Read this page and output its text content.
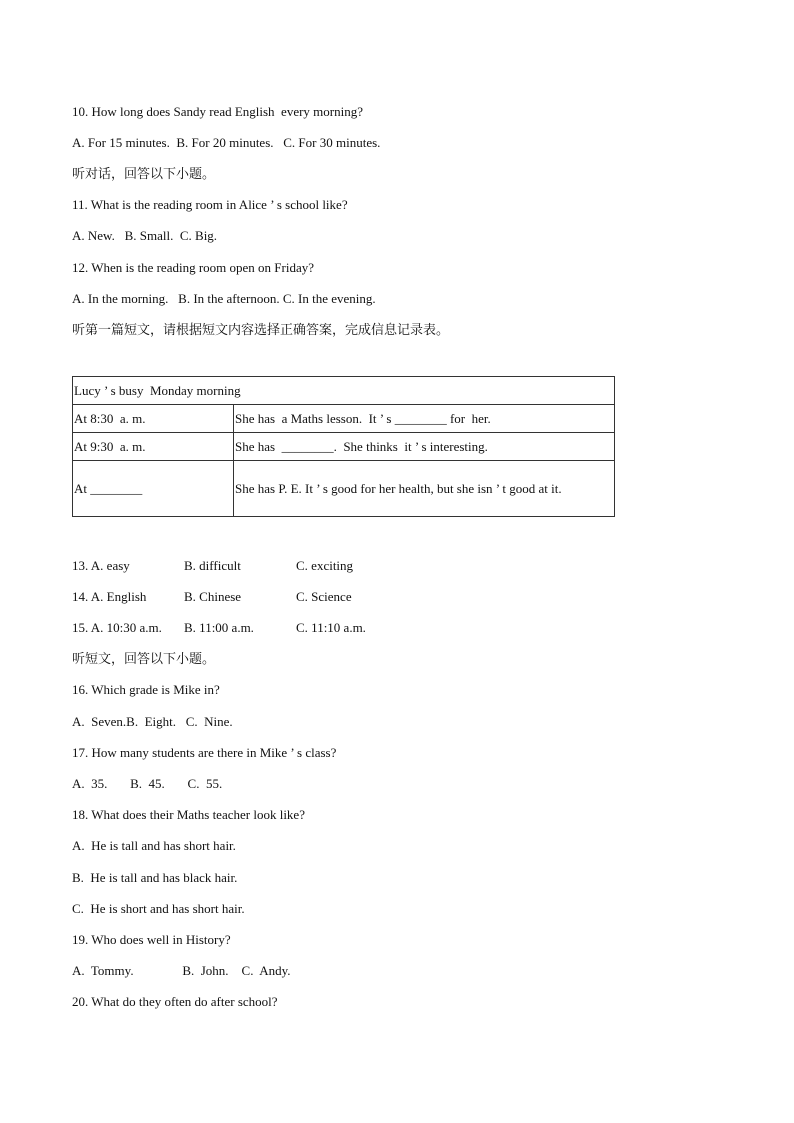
10. How long does Sandy read English  every morning?
A. For 15 minutes.  B. For 20 minutes.   C. For 30 minutes.
听对话，回答以下小题。
11. What is the reading room in Alice ’ s school like?
A. New.   B. Small.  C. Big.
12. When is the reading room open on Friday?
A. In the morning.   B. In the afternoon. C. In the evening.
听第一篇短文，请根据短文内容选择正确答案，完成信息记录表。
Lucy ’ s busy  Monday morning	
At 8:30  a. m.	She has  a Maths lesson.  It ’ s ________ for  her.
At 9:30  a. m.	She has  ________.  She thinks  it ’ s interesting.
At ________	She has P. E. It ’ s good for her health, but she isn ’ t good at it.
13. A. easy	B. difficult	C. exciting
14. A. English	B. Chinese	C. Science
15. A. 10:30 a.m. B. 11:00 a.m.	C. 11:10 a.m.
听短文，回答以下小题。
16. Which grade is Mike in?
A.  Seven.B.  Eight.   C.  Nine.
17. How many students are there in Mike ’ s class?
A.  35.       B.  45.       C.  55.
18. What does their Maths teacher look like?
A.  He is tall and has short hair.
B.  He is tall and has black hair.
C.  He is short and has short hair.
19. Who does well in History?
A.  Tommy.               B.  John.    C.  Andy.
20. What do they often do after school?
